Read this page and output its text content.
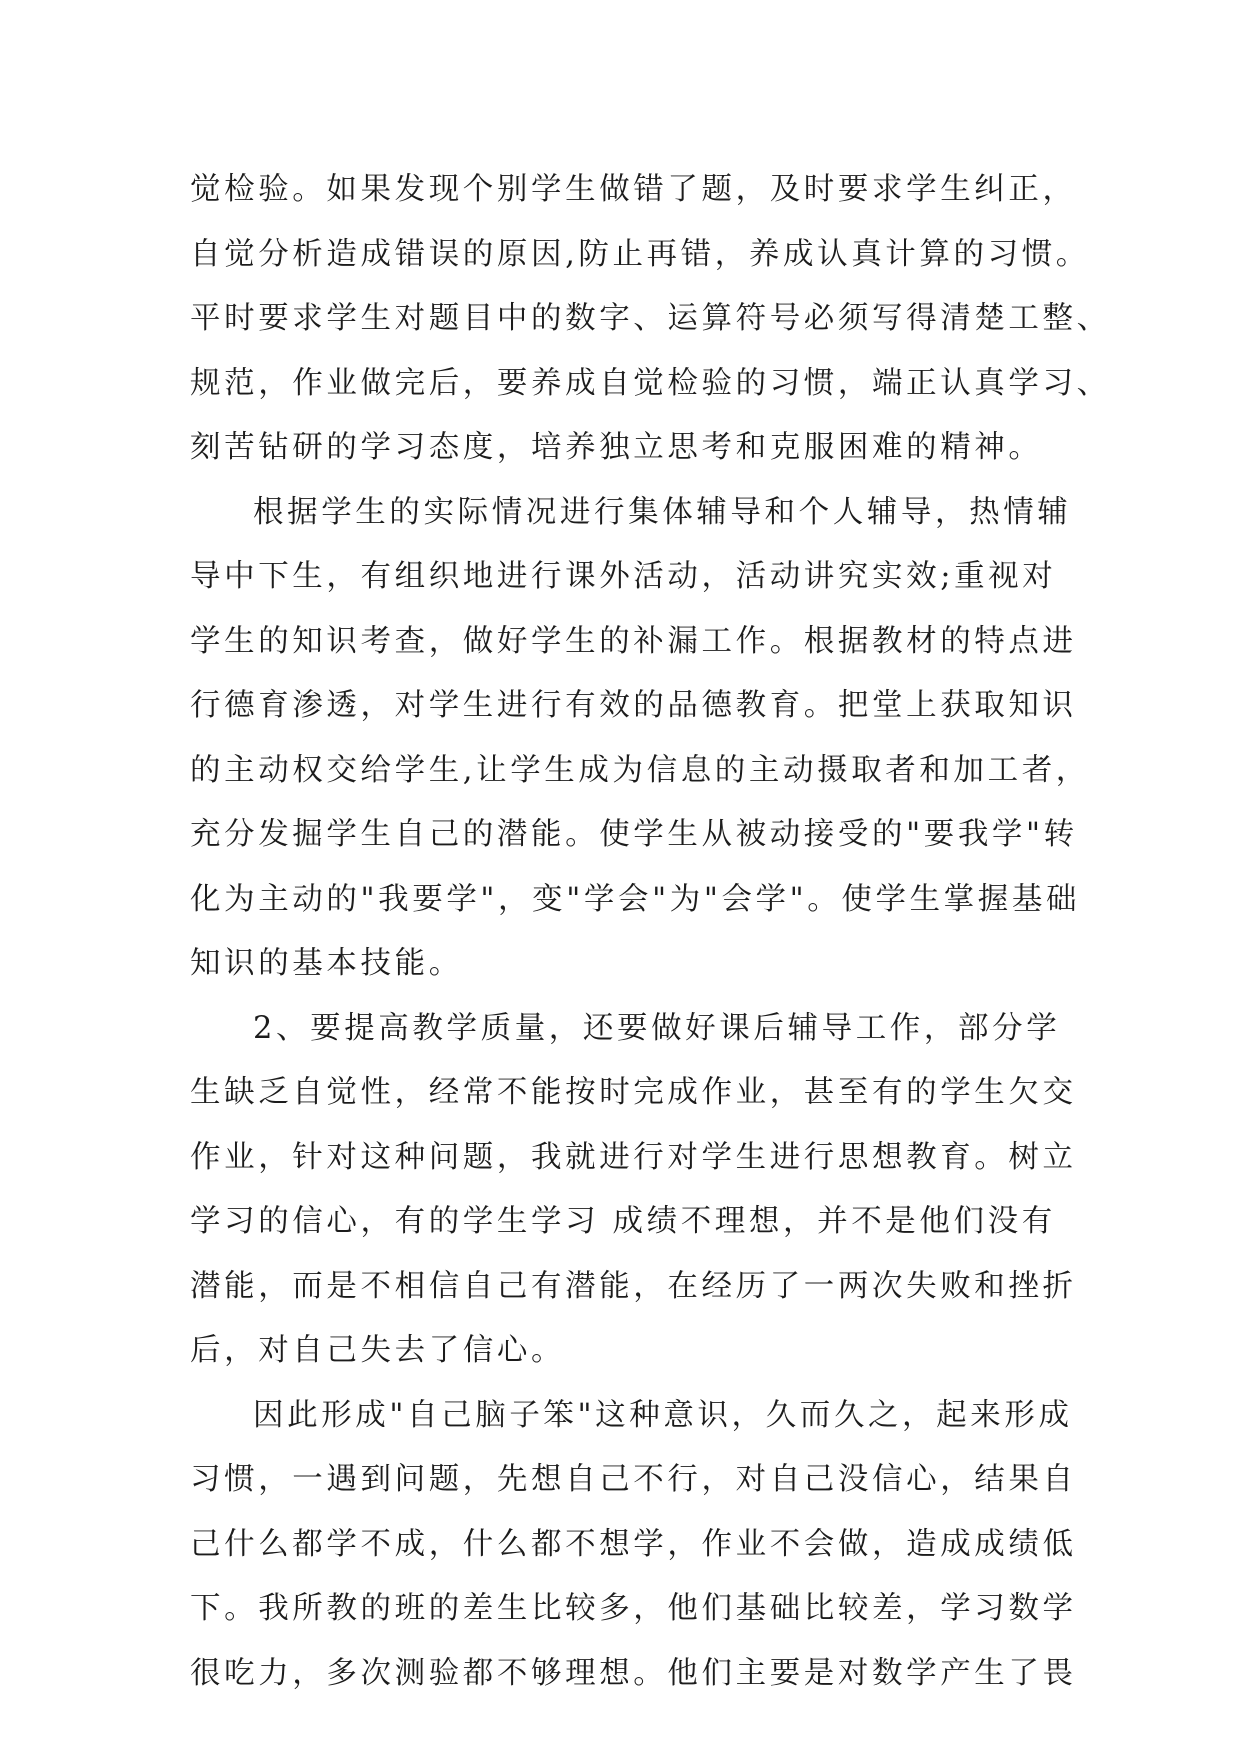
觉检验。如果发现个别学生做错了题，及时要求学生纠正，
自觉分析造成错误的原因,防止再错，养成认真计算的习惯。
平时要求学生对题目中的数字、运算符号必须写得清楚工整、
规范，作业做完后，要养成自觉检验的习惯，端正认真学习、
刻苦钻研的学习态度，培养独立思考和克服困难的精神。
根据学生的实际情况进行集体辅导和个人辅导，热情辅
导中下生，有组织地进行课外活动，活动讲究实效;重视对
学生的知识考查，做好学生的补漏工作。根据教材的特点进
行德育渗透，对学生进行有效的品德教育。把堂上获取知识
的主动权交给学生,让学生成为信息的主动摄取者和加工者，
充分发掘学生自己的潜能。使学生从被动接受的"要我学"转
化为主动的"我要学"，变"学会"为"会学"。使学生掌握基础
知识的基本技能。
2、要提高教学质量，还要做好课后辅导工作，部分学
生缺乏自觉性，经常不能按时完成作业，甚至有的学生欠交
作业，针对这种问题，我就进行对学生进行思想教育。树立
学习的信心，有的学生学习 成绩不理想，并不是他们没有
潜能，而是不相信自己有潜能，在经历了一两次失败和挫折
后，对自己失去了信心。
因此形成"自己脑子笨"这种意识，久而久之，起来形成
习惯，一遇到问题，先想自己不行，对自己没信心，结果自
己什么都学不成，什么都不想学，作业不会做，造成成绩低
下。我所教的班的差生比较多，他们基础比较差，学习数学
很吃力，多次测验都不够理想。他们主要是对数学产生了畏
